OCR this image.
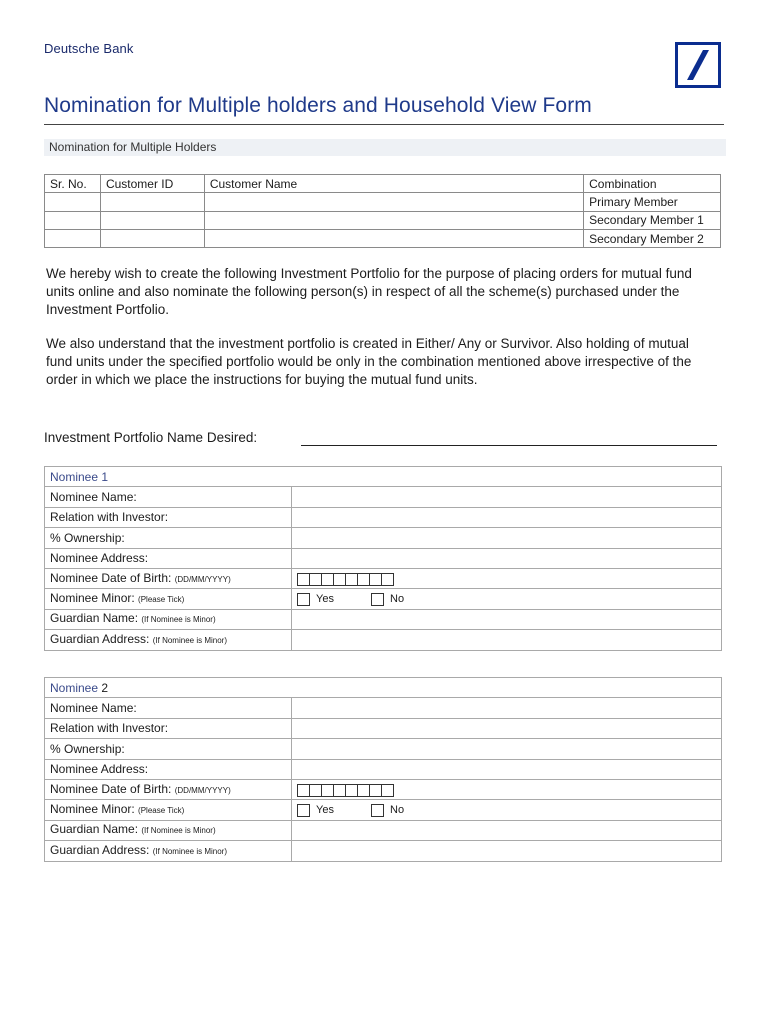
Deutsche Bank
Nomination for Multiple holders and Household View Form
Nomination for Multiple Holders
Sr. No.	Customer ID	Customer Name	Combination
			Primary Member
			Secondary Member 1
			Secondary Member 2

We hereby wish to create the following Investment Portfolio for the purpose of placing orders for mutual fund units online and also nominate the following person(s) in respect of all the scheme(s) purchased under the Investment Portfolio.

We also understand that the investment portfolio is created in Either/ Any or Survivor. Also holding of mutual fund units under the specified portfolio would be only in the combination mentioned above irrespective of the order in which we place the instructions for buying the mutual fund units.

Investment Portfolio Name Desired:
Nominee 1	
Nominee Name:	
Relation with Investor:	
% Ownership:	
Nominee Address:	
Nominee Date of Birth: (DD/MM/YYYY)	

Nominee Minor: (Please Tick)	Yes No
Guardian Name: (If Nominee is Minor)	
Guardian Address: (If Nominee is Minor)	
Nominee 2	
Nominee Name:	
Relation with Investor:	
% Ownership:	
Nominee Address:	
Nominee Date of Birth: (DD/MM/YYYY)	

Nominee Minor: (Please Tick)	Yes No
Guardian Name: (If Nominee is Minor)	
Guardian Address: (If Nominee is Minor)	
